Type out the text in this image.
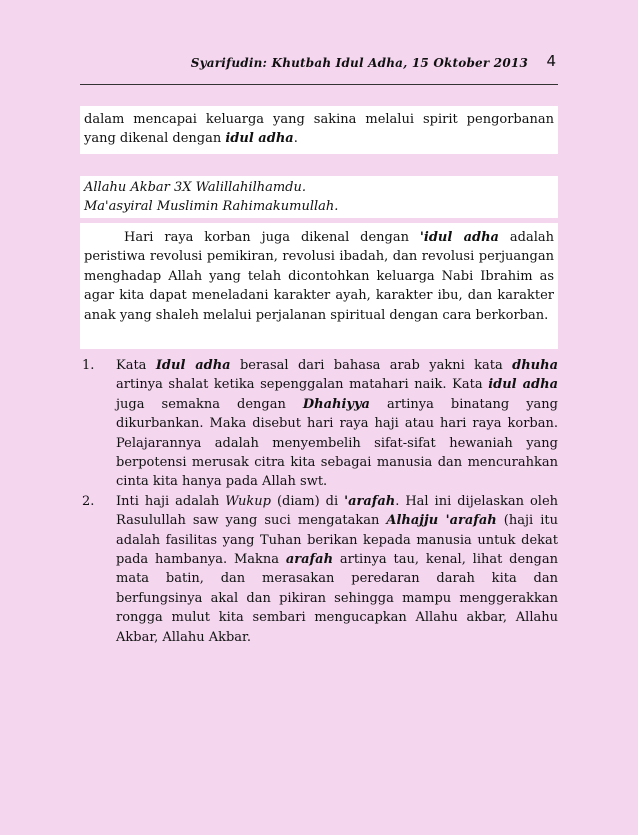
Syarifudin: Khutbah Idul Adha, 15 Oktober 2013 4
dalam mencapai keluarga yang sakina melalui spirit pengorbanan yang dikenal dengan idul adha.
Allahu Akbar 3X Walillahilhamdu.
Ma'asyiral Muslimin Rahimakumullah.
Hari raya korban juga dikenal dengan 'idul adha adalah peristiwa revolusi pemikiran, revolusi ibadah, dan revolusi perjuangan menghadap Allah yang telah dicontohkan keluarga Nabi Ibrahim as agar kita dapat meneladani karakter ayah, karakter ibu, dan karakter anak yang shaleh melalui perjalanan spiritual dengan cara berkorban.
1. Kata Idul adha berasal dari bahasa arab yakni kata dhuha artinya shalat ketika sepenggalan matahari naik. Kata idul adha juga semakna dengan Dhahiyya artinya binatang yang dikurbankan. Maka disebut hari raya haji atau hari raya korban. Pelajarannya adalah menyembelih sifat-sifat hewaniah yang berpotensi merusak citra kita sebagai manusia dan mencurahkan cinta kita hanya pada Allah swt.
2. Inti haji adalah Wukup (diam) di 'arafah. Hal ini dijelaskan oleh Rasulullah saw yang suci mengatakan Alhajju 'arafah (haji itu adalah fasilitas yang Tuhan berikan kepada manusia untuk dekat pada hambanya. Makna arafah artinya tau, kenal, lihat dengan mata batin, dan merasakan peredaran darah kita dan berfungsinya akal dan pikiran sehingga mampu menggerakkan rongga mulut kita sembari mengucapkan Allahu akbar, Allahu Akbar, Allahu Akbar.
